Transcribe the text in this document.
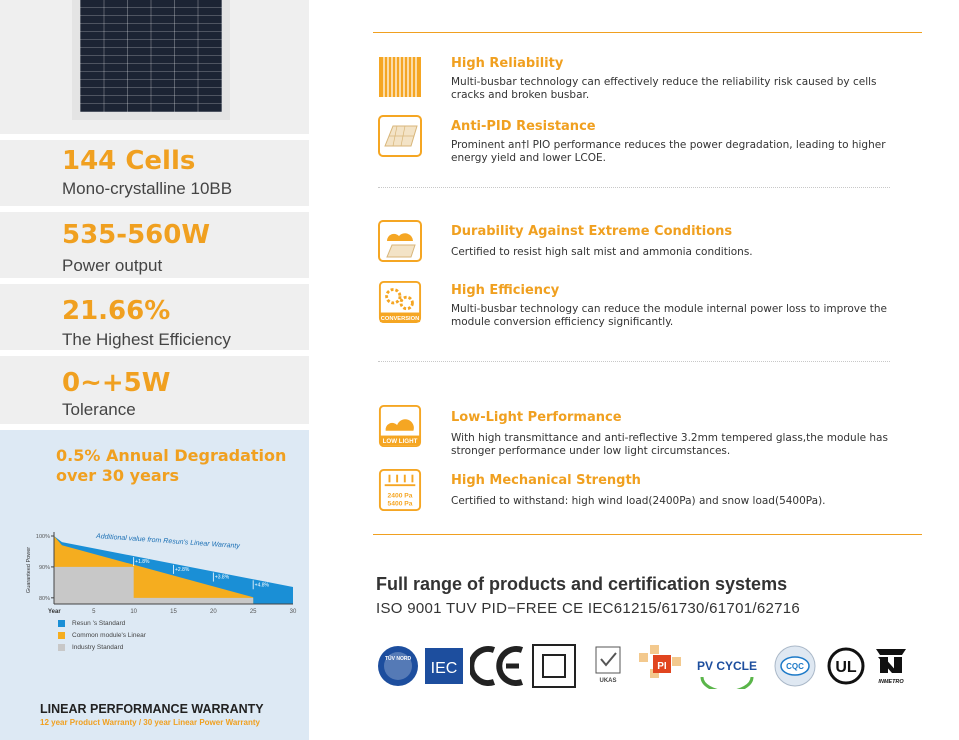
144 Cells
Mono-crystalline 10BB
535-560W
Power output
21.66%
The Highest Efficiency
0~+5W
Tolerance
0.5% Annual Degradation over 30 years
100%
90%
80%
5	10	15	20	25	30
Year
Guaranteed Power
Additional value from Resun's Linear Warranty
+1.8%
+2.8%
+3.8%
+4.8%
Resun 's Standard
Common module's Linear
Industry Standard
LINEAR PERFORMANCE WARRANTY
12 year Product Warranty / 30 year Linear Power Warranty
High Reliability
Multi-busbar technology can effectively reduce the reliability risk caused by cells cracks and broken busbar.
Anti-PID Resistance
Prominent an†l PIO performance reduces the power degradation, leading to higher energy yield and lower LCOE.
Durability Against Extreme Conditions
Certified to resist high salt mist and ammonia conditions.
CONVERSION
High Efficiency
Multi-busbar technology can reduce the module internal power loss to improve the module conversion efficiency significantly.
LOW LIGHT
Low-Light Performance
With high transmittance and anti-reflective 3.2mm tempered glass,the module has stronger performance under low light circumstances.
2400 Pa
5400 Pa
High Mechanical Strength
Certified to withstand: high wind load(2400Pa) and snow load(5400Pa).
Full range of products and certification systems
ISO 9001 TUV PID−FREE CE IEC61215/61730/61701/62716
TÜV NORD
IEC
UKAS
PI	PV CYCLE	CQC UL
INMETRO
